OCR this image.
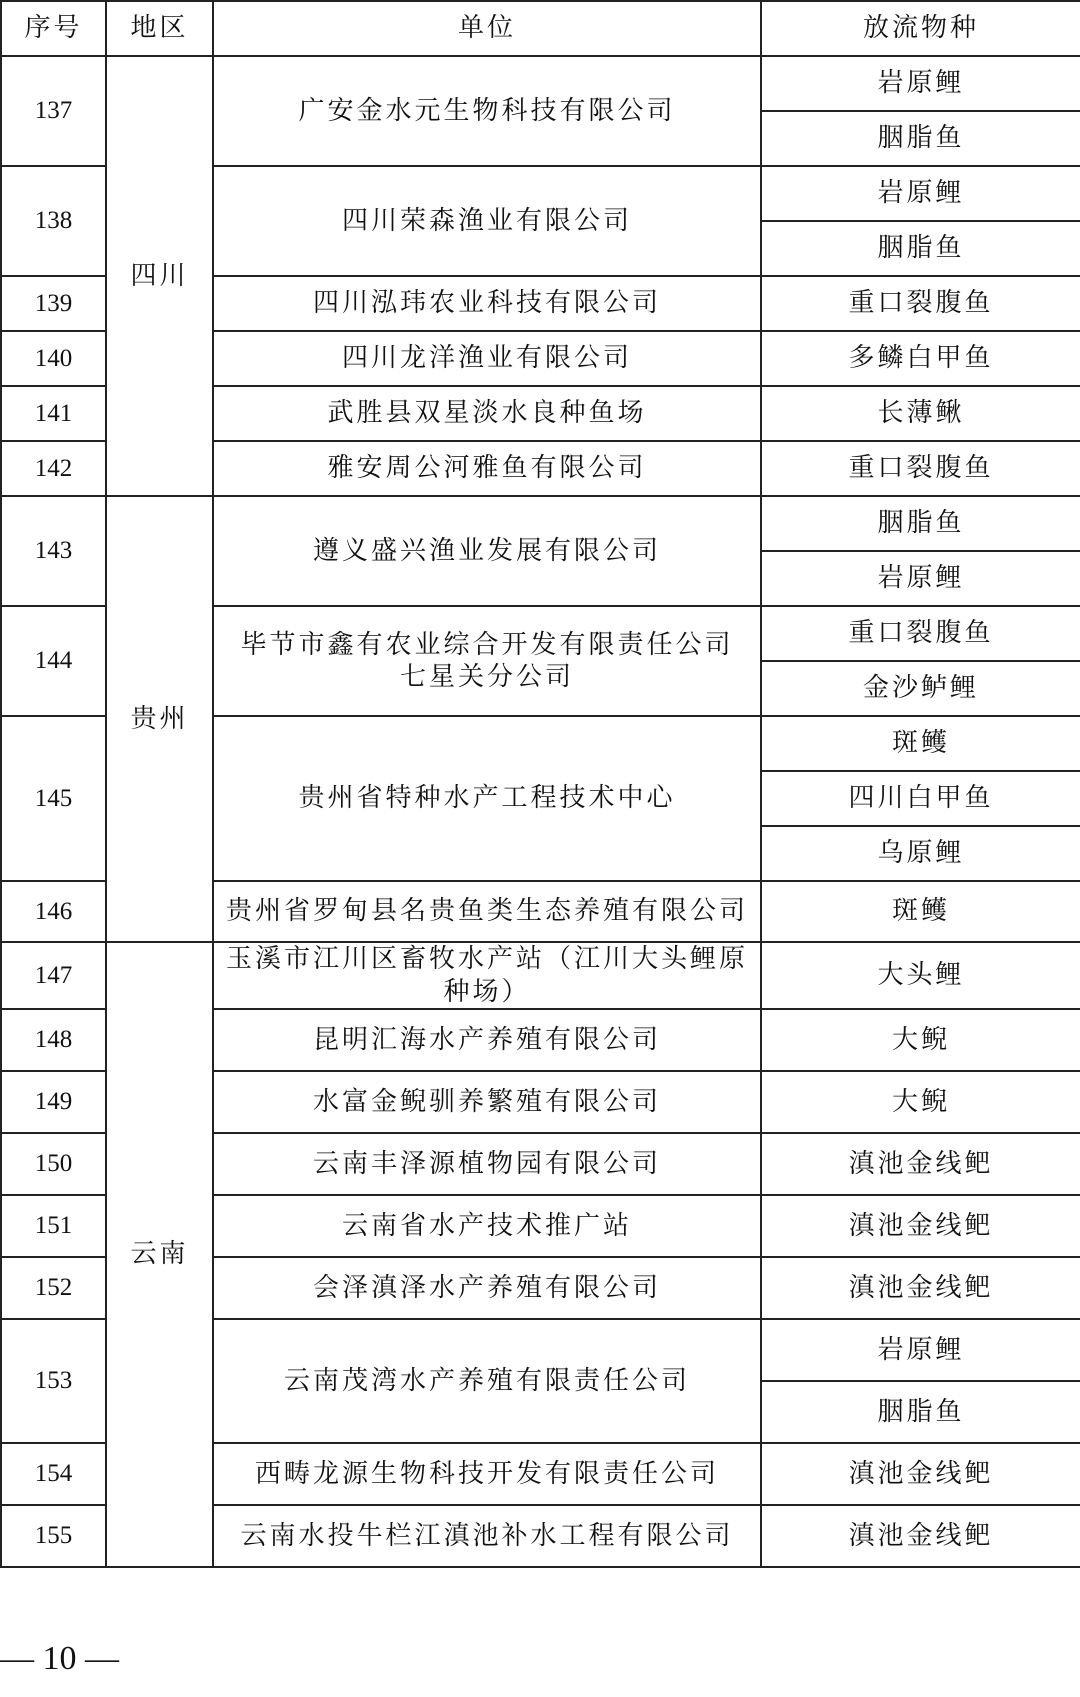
序号	地区	单位	放流物种
137	四川	广安金水元生物科技有限公司	岩原鲤
			胭脂鱼
138		四川荣森渔业有限公司	岩原鲤
			胭脂鱼
139		四川泓玮农业科技有限公司	重口裂腹鱼
140		四川龙洋渔业有限公司	多鳞白甲鱼
141		武胜县双星淡水良种鱼场	长薄鳅
142		雅安周公河雅鱼有限公司	重口裂腹鱼
143	贵州	遵义盛兴渔业发展有限公司	胭脂鱼
			岩原鲤
144		毕节市鑫有农业综合开发有限责任公司七星关分公司	重口裂腹鱼
			金沙鲈鲤
145		贵州省特种水产工程技术中心	斑鳠
			四川白甲鱼
			乌原鲤
146		贵州省罗甸县名贵鱼类生态养殖有限公司	斑鳠
147	云南	玉溪市江川区畜牧水产站（江川大头鲤原种场）	大头鲤
148		昆明汇海水产养殖有限公司	大鲵
149		水富金鲵驯养繁殖有限公司	大鲵
150		云南丰泽源植物园有限公司	滇池金线鲃
151		云南省水产技术推广站	滇池金线鲃
152		会泽滇泽水产养殖有限公司	滇池金线鲃
153		云南茂湾水产养殖有限责任公司	岩原鲤
			胭脂鱼
154		西畴龙源生物科技开发有限责任公司	滇池金线鲃
155		云南水投牛栏江滇池补水工程有限公司	滇池金线鲃
— 10 —
